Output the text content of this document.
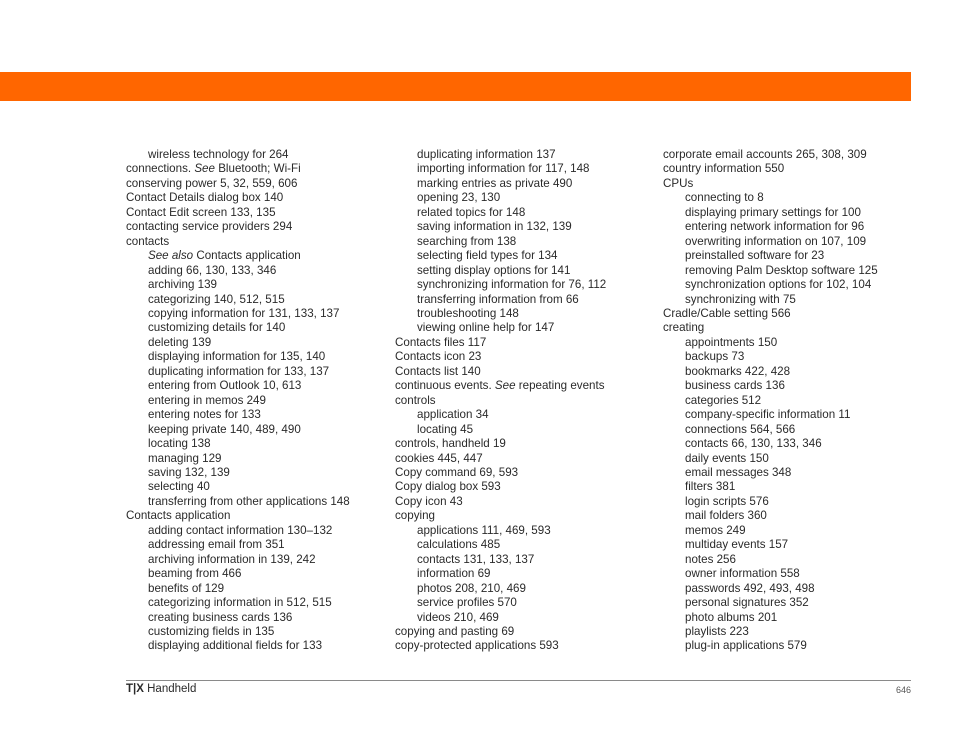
wireless technology for 264
connections. See Bluetooth; Wi-Fi
conserving power 5, 32, 559, 606
Contact Details dialog box 140
Contact Edit screen 133, 135
contacting service providers 294
contacts
See also Contacts application
adding 66, 130, 133, 346
archiving 139
categorizing 140, 512, 515
copying information for 131, 133, 137
customizing details for 140
deleting 139
displaying information for 135, 140
duplicating information for 133, 137
entering from Outlook 10, 613
entering in memos 249
entering notes for 133
keeping private 140, 489, 490
locating 138
managing 129
saving 132, 139
selecting 40
transferring from other applications 148
Contacts application
adding contact information 130–132
addressing email from 351
archiving information in 139, 242
beaming from 466
benefits of 129
categorizing information in 512, 515
creating business cards 136
customizing fields in 135
displaying additional fields for 133
duplicating information 137
importing information for 117, 148
marking entries as private 490
opening 23, 130
related topics for 148
saving information in 132, 139
searching from 138
selecting field types for 134
setting display options for 141
synchronizing information for 76, 112
transferring information from 66
troubleshooting 148
viewing online help for 147
Contacts files 117
Contacts icon 23
Contacts list 140
continuous events. See repeating events
controls
application 34
locating 45
controls, handheld 19
cookies 445, 447
Copy command 69, 593
Copy dialog box 593
Copy icon 43
copying
applications 111, 469, 593
calculations 485
contacts 131, 133, 137
information 69
photos 208, 210, 469
service profiles 570
videos 210, 469
copying and pasting 69
copy-protected applications 593
corporate email accounts 265, 308, 309
country information 550
CPUs
connecting to 8
displaying primary settings for 100
entering network information for 96
overwriting information on 107, 109
preinstalled software for 23
removing Palm Desktop software 125
synchronization options for 102, 104
synchronizing with 75
Cradle/Cable setting 566
creating
appointments 150
backups 73
bookmarks 422, 428
business cards 136
categories 512
company-specific information 11
connections 564, 566
contacts 66, 130, 133, 346
daily events 150
email messages 348
filters 381
login scripts 576
mail folders 360
memos 249
multiday events 157
notes 256
owner information 558
passwords 492, 493, 498
personal signatures 352
photo albums 201
playlists 223
plug-in applications 579
T|X Handheld	646
